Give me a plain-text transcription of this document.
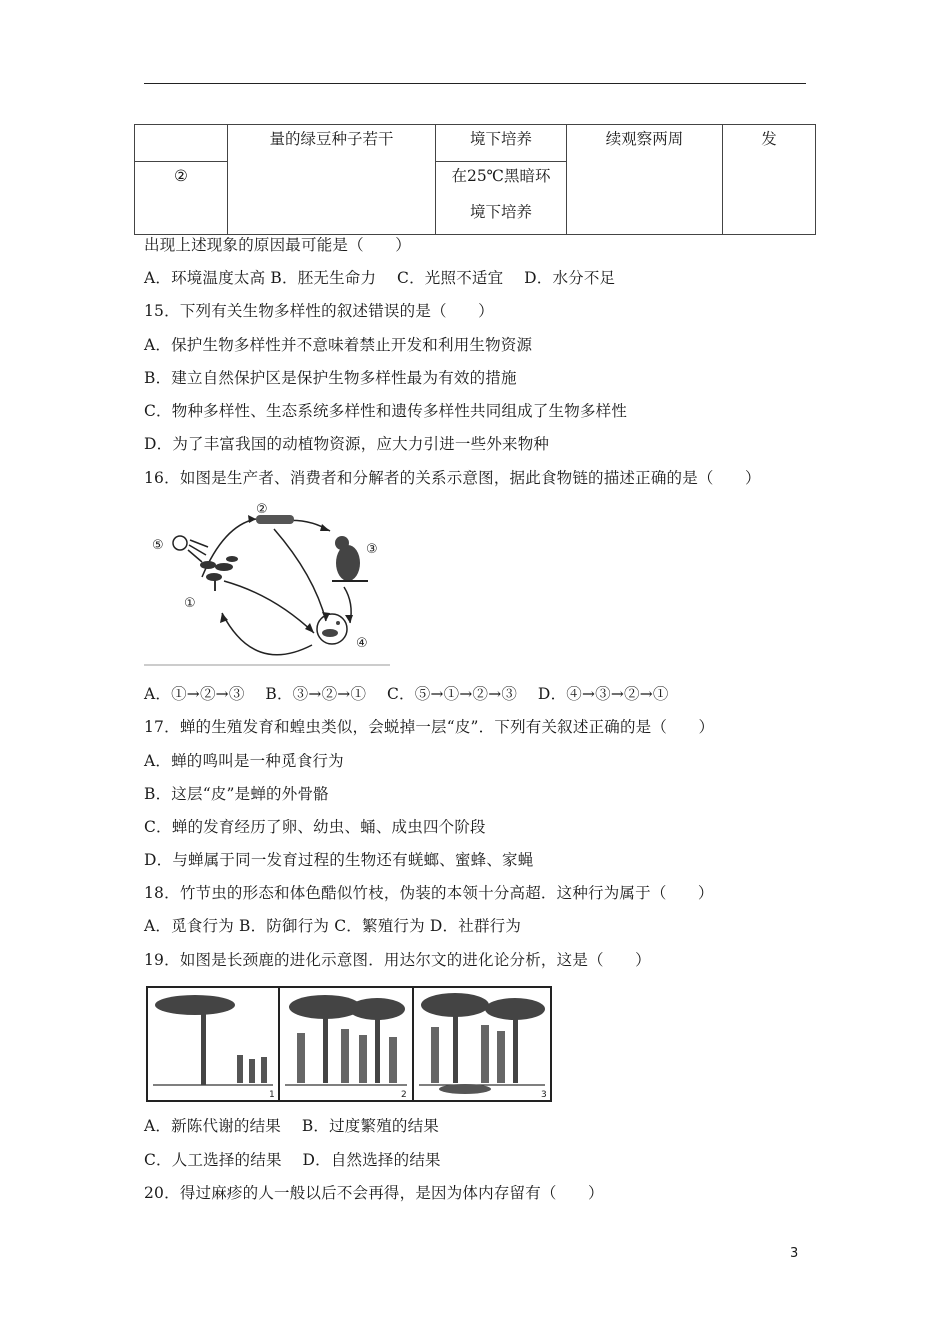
	量的绿豆种子若干	境下培养	续观察两周	发

②		在25℃黑暗环
境下培养		
出现上述现象的原因最可能是（　　）
A．环境温度太高 B．胚无生命力　 C．光照不适宜　 D．水分不足
15．下列有关生物多样性的叙述错误的是（　　）
A．保护生物多样性并不意味着禁止开发和利用生物资源
B．建立自然保护区是保护生物多样性最为有效的措施
C．物种多样性、生态系统多样性和遗传多样性共同组成了生物多样性
D．为了丰富我国的动植物资源，应大力引进一些外来物种
16．如图是生产者、消费者和分解者的关系示意图，据此食物链的描述正确的是（　　）
⑤
①
②
③
④
A．①→②→③　 B．③→②→①　 C．⑤→①→②→③　 D．④→③→②→①
17．蝉的生殖发育和蝗虫类似，会蜕掉一层“皮”．下列有关叙述正确的是（　　）
A．蝉的鸣叫是一种觅食行为
B．这层“皮”是蝉的外骨骼
C．蝉的发育经历了卵、幼虫、蛹、成虫四个阶段
D．与蝉属于同一发育过程的生物还有蜣螂、蜜蜂、家蝇
18．竹节虫的形态和体色酷似竹枝，伪装的本领十分高超．这种行为属于（　　）
A．觅食行为 B．防御行为 C．繁殖行为 D．社群行为
19．如图是长颈鹿的进化示意图．用达尔文的进化论分析，这是（　　）
1	2	3
A．新陈代谢的结果　 B．过度繁殖的结果
C．人工选择的结果　 D．自然选择的结果
20．得过麻疹的人一般以后不会再得，是因为体内存留有（　　）
3
